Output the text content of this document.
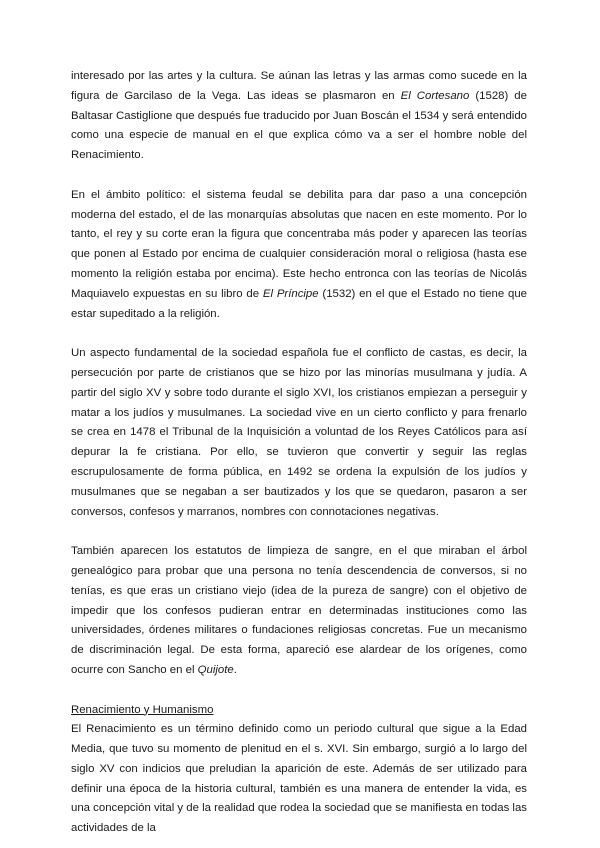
interesado por las artes y la cultura. Se aúnan las letras y las armas como sucede en la figura de Garcilaso de la Vega. Las ideas se plasmaron en El Cortesano (1528) de Baltasar Castiglione que después fue traducido por Juan Boscán el 1534 y será entendido como una especie de manual en el que explica cómo va a ser el hombre noble del Renacimiento.

En el ámbito político: el sistema feudal se debilita para dar paso a una concepción moderna del estado, el de las monarquías absolutas que nacen en este momento. Por lo tanto, el rey y su corte eran la figura que concentraba más poder y aparecen las teorías que ponen al Estado por encima de cualquier consideración moral o religiosa (hasta ese momento la religión estaba por encima). Este hecho entronca con las teorías de Nicolás Maquiavelo expuestas en su libro de El Príncipe (1532) en el que el Estado no tiene que estar supeditado a la religión.

Un aspecto fundamental de la sociedad española fue el conflicto de castas, es decir, la persecución por parte de cristianos que se hizo por las minorías musulmana y judía. A partir del siglo XV y sobre todo durante el siglo XVI, los cristianos empiezan a perseguir y matar a los judíos y musulmanes. La sociedad vive en un cierto conflicto y para frenarlo se crea en 1478 el Tribunal de la Inquisición a voluntad de los Reyes Católicos para así depurar la fe cristiana. Por ello, se tuvieron que convertir y seguir las reglas escrupulosamente de forma pública, en 1492 se ordena la expulsión de los judíos y musulmanes que se negaban a ser bautizados y los que se quedaron, pasaron a ser conversos, confesos y marranos, nombres con connotaciones negativas.

También aparecen los estatutos de limpieza de sangre, en el que miraban el árbol genealógico para probar que una persona no tenía descendencia de conversos, si no tenías, es que eras un cristiano viejo (idea de la pureza de sangre) con el objetivo de impedir que los confesos pudieran entrar en determinadas instituciones como las universidades, órdenes militares o fundaciones religiosas concretas. Fue un mecanismo de discriminación legal. De esta forma, apareció ese alardear de los orígenes, como ocurre con Sancho en el Quijote.

Renacimiento y Humanismo

El Renacimiento es un término definido como un periodo cultural que sigue a la Edad Media, que tuvo su momento de plenitud en el s. XVI. Sin embargo, surgió a lo largo del siglo XV con indicios que preludian la aparición de este. Además de ser utilizado para definir una época de la historia cultural, también es una manera de entender la vida, es una concepción vital y de la realidad que rodea la sociedad que se manifiesta en todas las actividades de la
